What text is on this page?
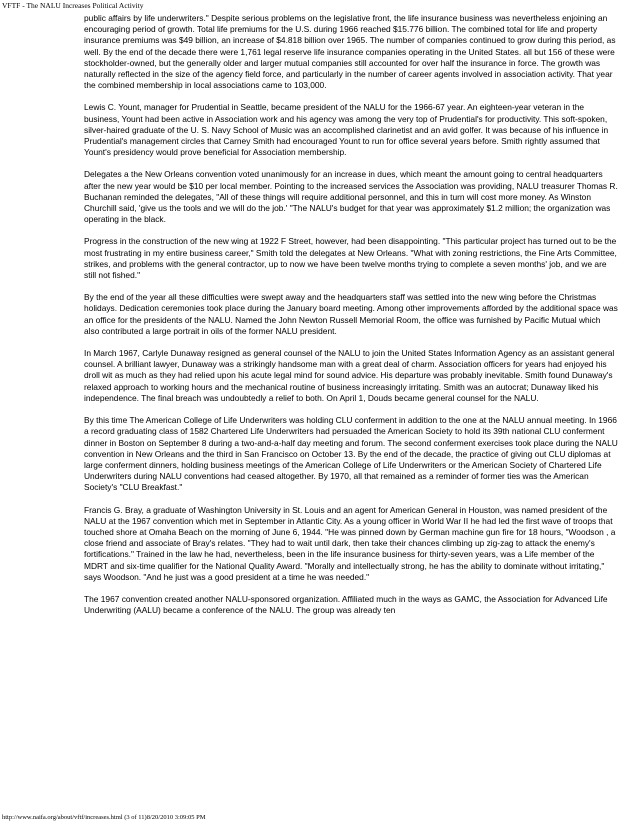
VFTF - The NALU Increases Political Activity

public affairs by life underwriters." Despite serious problems on the legislative front, the life insurance business was nevertheless enjoining an encouraging period of growth. Total life premiums for the U.S. during 1966 reached $15.776 billion. The combined total for life and property insurance premiums was $49 billion, an increase of $4.818 billion over 1965. The number of companies continued to grow during this period, as well. By the end of the decade there were 1,761 legal reserve life insurance companies operating in the United States. all but 156 of these were stockholder-owned, but the generally older and larger mutual companies still accounted for over half the insurance in force. The growth was naturally reflected in the size of the agency field force, and particularly in the number of career agents involved in association activity. That year the combined membership in local associations came to 103,000.

Lewis C. Yount, manager for Prudential in Seattle, became president of the NALU for the 1966-67 year. An eighteen-year veteran in the business, Yount had been active in Association work and his agency was among the very top of Prudential's for productivity. This soft-spoken, silver-haired graduate of the U. S. Navy School of Music was an accomplished clarinetist and an avid golfer. It was because of his influence in Prudential's management circles that Carney Smith had encouraged Yount to run for office several years before. Smith rightly assumed that Yount's presidency would prove beneficial for Association membership.

Delegates a the New Orleans convention voted unanimously for an increase in dues, which meant the amount going to central headquarters after the new year would be $10 per local member. Pointing to the increased services the Association was providing, NALU treasurer Thomas R. Buchanan reminded the delegates, "All of these things will require additional personnel, and this in turn will cost more money. As Winston Churchill said, 'give us the tools and we will do the job.' "The NALU's budget for that year was approximately $1.2 million; the organization was operating in the black.

Progress in the construction of the new wing at 1922 F Street, however, had been disappointing. "This particular project has turned out to be the most frustrating in my entire business career," Smith told the delegates at New Orleans. "What with zoning restrictions, the Fine Arts Committee, strikes, and problems with the general contractor, up to now we have been twelve months trying to complete a seven months' job, and we are still not fished."

By the end of the year all these difficulties were swept away and the headquarters staff was settled into the new wing before the Christmas holidays. Dedication ceremonies took place during the January board meeting. Among other improvements afforded by the additional space was an office for the presidents of the NALU. Named the John Newton Russell Memorial Room, the office was furnished by Pacific Mutual which also contributed a large portrait in oils of the former NALU president.

In March 1967, Carlyle Dunaway resigned as general counsel of the NALU to join the United States Information Agency as an assistant general counsel. A brilliant lawyer, Dunaway was a strikingly handsome man with a great deal of charm. Association officers for years had enjoyed his droll wit as much as they had relied upon his acute legal mind for sound advice. His departure was probably inevitable. Smith found Dunaway's relaxed approach to working hours and the mechanical routine of business increasingly irritating. Smith was an autocrat; Dunaway liked his independence. The final breach was undoubtedly a relief to both. On April 1, Douds became general counsel for the NALU.

By this time The American College of Life Underwriters was holding CLU conferment in addition to the one at the NALU annual meeting. In 1966 a record graduating class of 1582 Chartered Life Underwriters had persuaded the American Society to hold its 39th national CLU conferment dinner in Boston on September 8 during a two-and-a-half day meeting and forum. The second conferment exercises took place during the NALU convention in New Orleans and the third in San Francisco on October 13. By the end of the decade, the practice of giving out CLU diplomas at large conferment dinners, holding business meetings of the American College of Life Underwriters or the American Society of Chartered Life Underwriters during NALU conventions had ceased altogether. By 1970, all that remained as a reminder of former ties was the American Society's "CLU Breakfast."

Francis G. Bray, a graduate of Washington University in St. Louis and an agent for American General in Houston, was named president of the NALU at the 1967 convention which met in September in Atlantic City. As a young officer in World War II he had led the first wave of troops that touched shore at Omaha Beach on the morning of June 6, 1944. "He was pinned down by German machine gun fire for 18 hours, "Woodson , a close friend and associate of Bray's relates. "They had to wait until dark, then take their chances climbing up zig-zag to attack the enemy's fortifications." Trained in the law he had, nevertheless, been in the life insurance business for thirty-seven years, was a Life member of the MDRT and six-time qualifier for the National Quality Award. "Morally and intellectually strong, he has the ability to dominate without irritating," says Woodson. "And he just was a good president at a time he was needed."

The 1967 convention created another NALU-sponsored organization. Affiliated much in the ways as GAMC, the Association for Advanced Life Underwriting (AALU) became a conference of the NALU. The group was already ten

http://www.naifa.org/about/vftf/increases.html (3 of 11)8/20/2010 3:09:05 PM
